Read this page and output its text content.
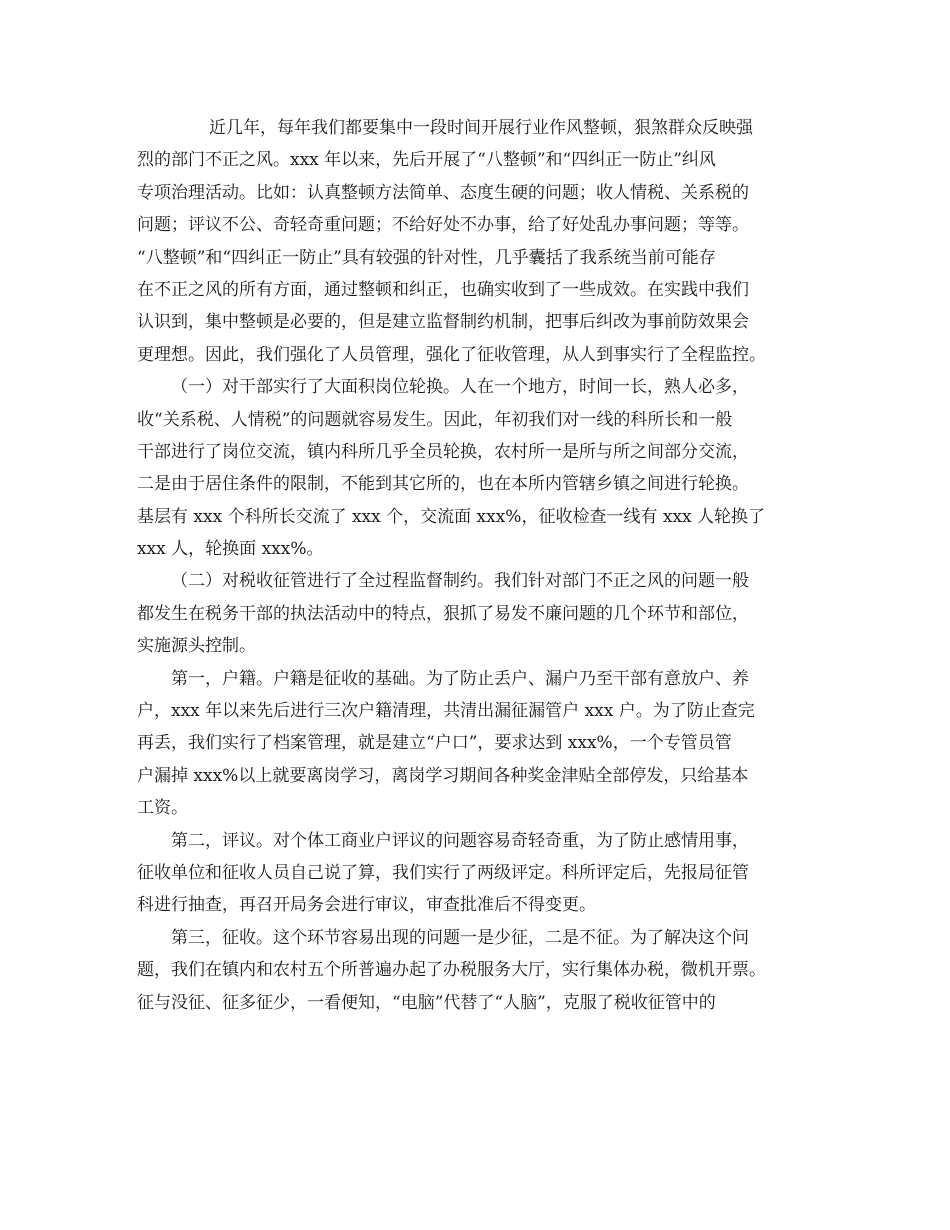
近几年，每年我们都要集中一段时间开展行业作风整顿，狠煞群众反映强
烈的部门不正之风。xxx 年以来，先后开展了“八整顿”和“四纠正一防止”纠风
专项治理活动。比如：认真整顿方法简单、态度生硬的问题；收人情税、关系税的
问题；评议不公、奇轻奇重问题；不给好处不办事，给了好处乱办事问题；等等。
“八整顿”和“四纠正一防止”具有较强的针对性，几乎囊括了我系统当前可能存
在不正之风的所有方面，通过整顿和纠正，也确实收到了一些成效。在实践中我们
认识到，集中整顿是必要的，但是建立监督制约机制，把事后纠改为事前防效果会
更理想。因此，我们强化了人员管理，强化了征收管理，从人到事实行了全程监控。
（一）对干部实行了大面积岗位轮换。人在一个地方，时间一长，熟人必多，
收“关系税、人情税”的问题就容易发生。因此，年初我们对一线的科所长和一般
干部进行了岗位交流，镇内科所几乎全员轮换，农村所一是所与所之间部分交流，
二是由于居住条件的限制，不能到其它所的，也在本所内管辖乡镇之间进行轮换。
基层有 xxx 个科所长交流了 xxx 个，交流面 xxx%，征收检查一线有 xxx 人轮换了
xxx 人，轮换面 xxx%。
（二）对税收征管进行了全过程监督制约。我们针对部门不正之风的问题一般
都发生在税务干部的执法活动中的特点，狠抓了易发不廉问题的几个环节和部位，
实施源头控制。
第一，户籍。户籍是征收的基础。为了防止丢户、漏户乃至干部有意放户、养
户，xxx 年以来先后进行三次户籍清理，共清出漏征漏管户 xxx 户。为了防止查完
再丢，我们实行了档案管理，就是建立“户口”，要求达到 xxx%，一个专管员管
户漏掉 xxx%以上就要离岗学习，离岗学习期间各种奖金津贴全部停发，只给基本
工资。
第二，评议。对个体工商业户评议的问题容易奇轻奇重，为了防止感情用事，
征收单位和征收人员自己说了算，我们实行了两级评定。科所评定后，先报局征管
科进行抽查，再召开局务会进行审议，审查批准后不得变更。
第三，征收。这个环节容易出现的问题一是少征，二是不征。为了解决这个问
题，我们在镇内和农村五个所普遍办起了办税服务大厅，实行集体办税，微机开票。
征与没征、征多征少，一看便知，“电脑”代替了“人脑”，克服了税收征管中的
